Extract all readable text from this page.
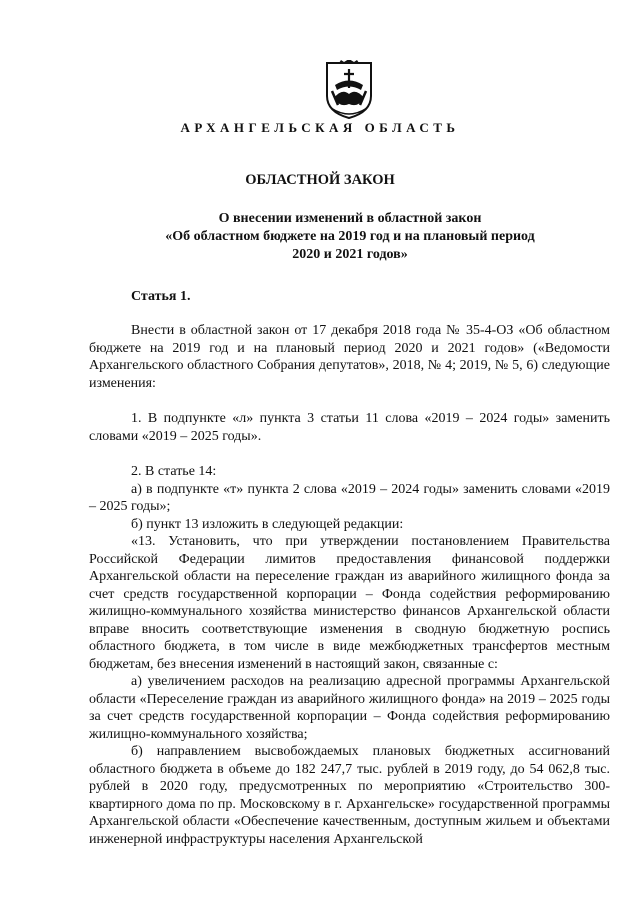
АРХАНГЕЛЬСКАЯ ОБЛАСТЬ
ОБЛАСТНОЙ ЗАКОН
О внесении изменений в областной закон
«Об областном бюджете на 2019 год и на плановый период
2020 и 2021 годов»
Статья 1.

Внести в областной закон от 17 декабря 2018 года № 35-4-ОЗ «Об областном бюджете на 2019 год и на плановый период 2020 и 2021 годов» («Ведомости Архангельского областного Собрания депутатов», 2018, № 4; 2019, № 5, 6) следующие изменения:

1. В подпункте «л» пункта 3 статьи 11 слова «2019 – 2024 годы» заменить словами «2019 – 2025 годы».

2. В статье 14:

а) в подпункте «т» пункта 2 слова «2019 – 2024 годы» заменить словами «2019 – 2025 годы»;

б) пункт 13 изложить в следующей редакции:

«13. Установить, что при утверждении постановлением Правительства Российской Федерации лимитов предоставления финансовой поддержки Архангельской области на переселение граждан из аварийного жилищного фонда за счет средств государственной корпорации – Фонда содействия реформированию жилищно-коммунального хозяйства министерство финансов Архангельской области вправе вносить соответствующие изменения в сводную бюджетную роспись областного бюджета, в том числе в виде межбюджетных трансфертов местным бюджетам, без внесения изменений в настоящий закон, связанные с:

а) увеличением расходов на реализацию адресной программы Архангельской области «Переселение граждан из аварийного жилищного фонда» на 2019 – 2025 годы за счет средств государственной корпорации – Фонда содействия реформированию жилищно-коммунального хозяйства;

б) направлением высвобождаемых плановых бюджетных ассигнований областного бюджета в объеме до 182 247,7 тыс. рублей в 2019 году, до 54 062,8 тыс. рублей в 2020 году, предусмотренных по мероприятию «Строительство 300-квартирного дома по пр. Московскому в г. Архангельске» государственной программы Архангельской области «Обеспечение качественным, доступным жильем и объектами инженерной инфраструктуры населения Архангельской
